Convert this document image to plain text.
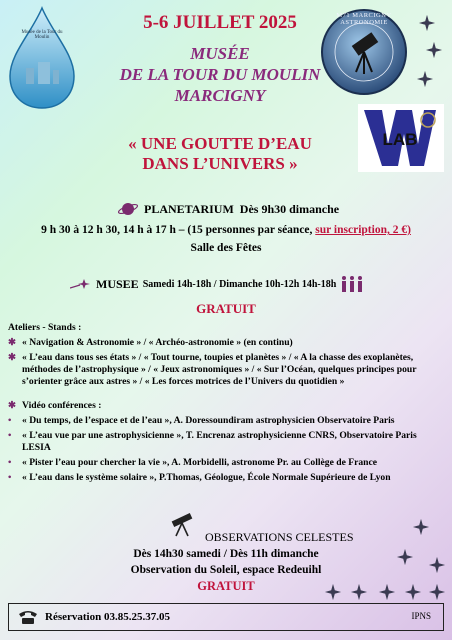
Musée de la Tour du Moulin
5-6 JUILLET 2025
MUSÉE
DE LA TOUR DU MOULIN
MARCIGNY
« UNE GOUTTE D’EAU
DANS L’UNIVERS »
M71 MARCIGNY ASTRONOMIE
LAB
PLANETARIUM Dès 9h30 dimanche
9 h 30 à 12 h 30, 14 h à 17 h – (15 personnes par séance, sur inscription, 2 €)
Salle des Fêtes
MUSEE Samedi 14h-18h / Dimanche 10h-12h 14h-18h
GRATUIT
Ateliers - Stands :
✱ « Navigation & Astronomie » / « Archéo-astronomie » (en continu)
✱ « L’eau dans tous ses états » / « Tout tourne, toupies et planètes » / « A la chasse des exoplanètes, méthodes de l’astrophysique » / « Jeux astronomiques » / « Sur l’Océan, quelques principes pour s’orienter grâce aux astres » / « Les forces motrices de l’Univers du quotidien »
✱ Vidéo conférences :
•	« Du temps, de l’espace et de l’eau », A. Doressoundiram astrophysicien Observatoire Paris
•	« L’eau vue par une astrophysicienne », T. Encrenaz astrophysicienne CNRS, Observatoire Paris LESIA
•	« Pister l’eau pour chercher la vie », A. Morbidelli, astronome Pr. au Collège de France
•	« L’eau dans le système solaire », P.Thomas, Géologue, École Normale Supérieure de Lyon
OBSERVATIONS CELESTES
Dès 14h30 samedi / Dès 11h dimanche
Observation du Soleil, espace Redeuihl
GRATUIT
Réservation 03.85.25.37.05	IPNS
